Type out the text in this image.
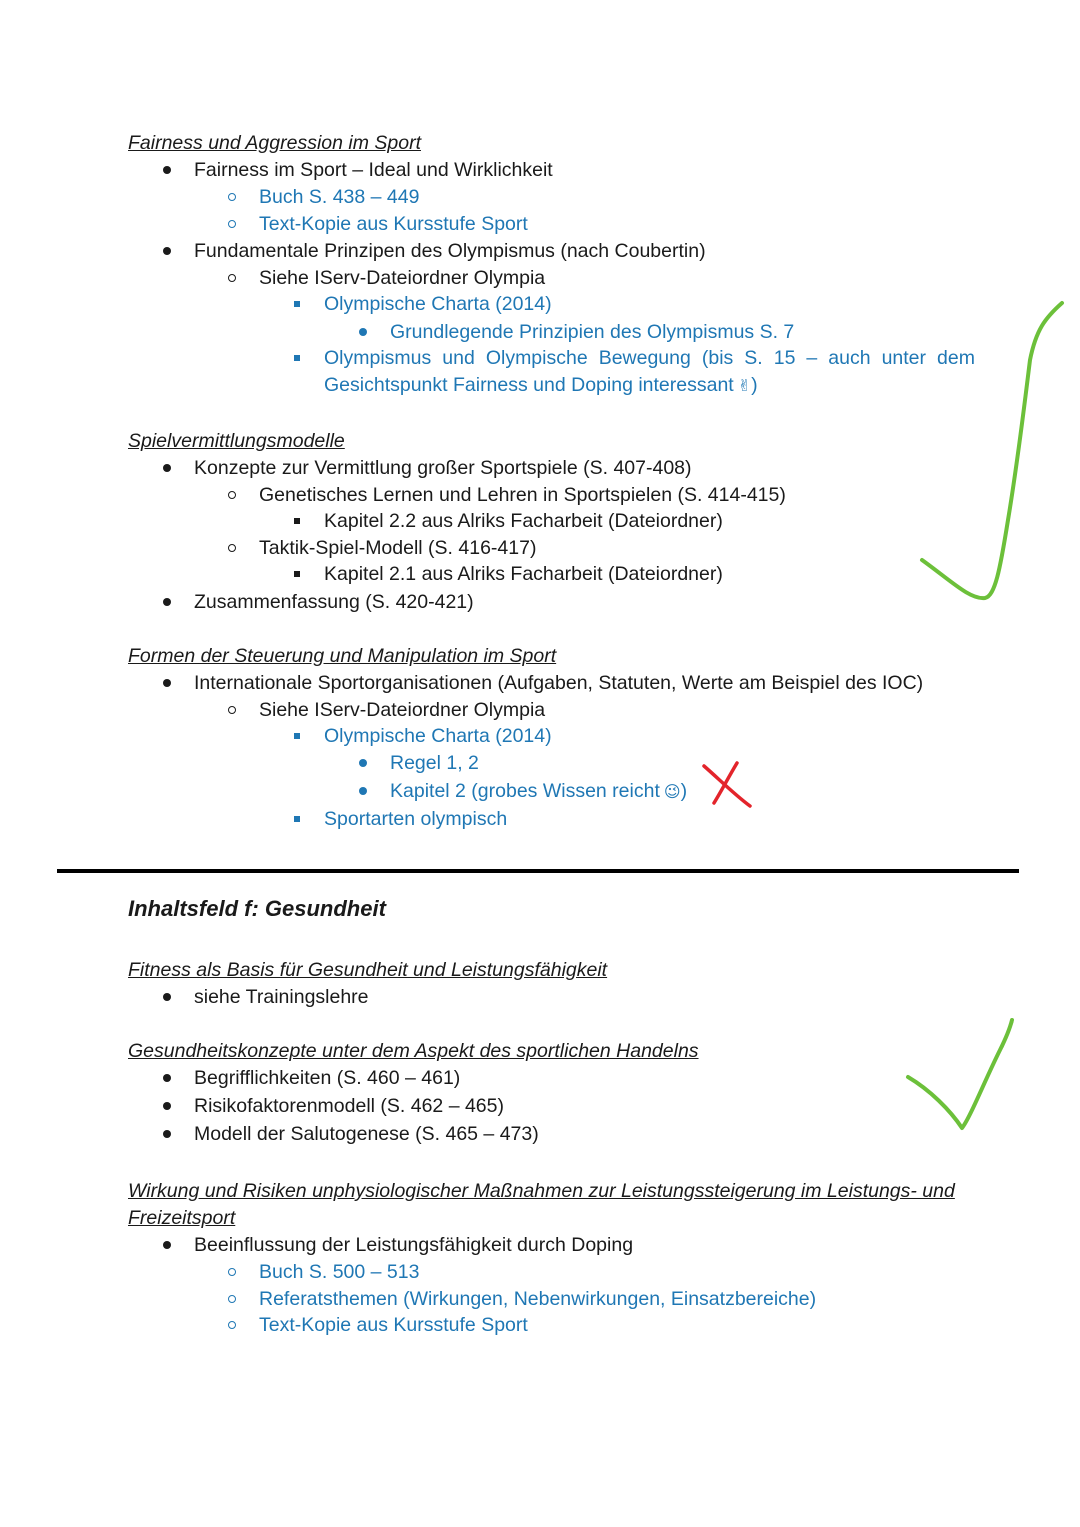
Fairness und Aggression im Sport
Fairness im Sport – Ideal und Wirklichkeit
Buch S. 438 – 449
Text-Kopie aus Kursstufe Sport
Fundamentale Prinzipen des Olympismus (nach Coubertin)
Siehe IServ-Dateiordner Olympia
Olympische Charta (2014)
Grundlegende Prinzipien des Olympismus S. 7
Olympismus und Olympische Bewegung (bis S. 15 – auch unter dem
Gesichtspunkt Fairness und Doping interessant ✌)
Spielvermittlungsmodelle
Konzepte zur Vermittlung großer Sportspiele (S. 407-408)
Genetisches Lernen und Lehren in Sportspielen (S. 414-415)
Kapitel 2.2 aus Alriks Facharbeit (Dateiordner)
Taktik-Spiel-Modell (S. 416-417)
Kapitel 2.1 aus Alriks Facharbeit (Dateiordner)
Zusammenfassung (S. 420-421)
Formen der Steuerung und Manipulation im Sport
Internationale Sportorganisationen (Aufgaben, Statuten, Werte am Beispiel des IOC)
Siehe IServ-Dateiordner Olympia
Olympische Charta (2014)
Regel 1, 2
Kapitel 2 (grobes Wissen reicht 😉)
Sportarten olympisch
Inhaltsfeld f: Gesundheit
Fitness als Basis für Gesundheit und Leistungsfähigkeit
siehe Trainingslehre
Gesundheitskonzepte unter dem Aspekt des sportlichen Handelns
Begrifflichkeiten (S. 460 – 461)
Risikofaktorenmodell (S. 462 – 465)
Modell der Salutogenese (S. 465 – 473)
Wirkung und Risiken unphysiologischer Maßnahmen zur Leistungssteigerung im Leistungs- und
Freizeitsport
Beeinflussung der Leistungsfähigkeit durch Doping
Buch S. 500 – 513
Referatsthemen (Wirkungen, Nebenwirkungen, Einsatzbereiche)
Text-Kopie aus Kursstufe Sport
